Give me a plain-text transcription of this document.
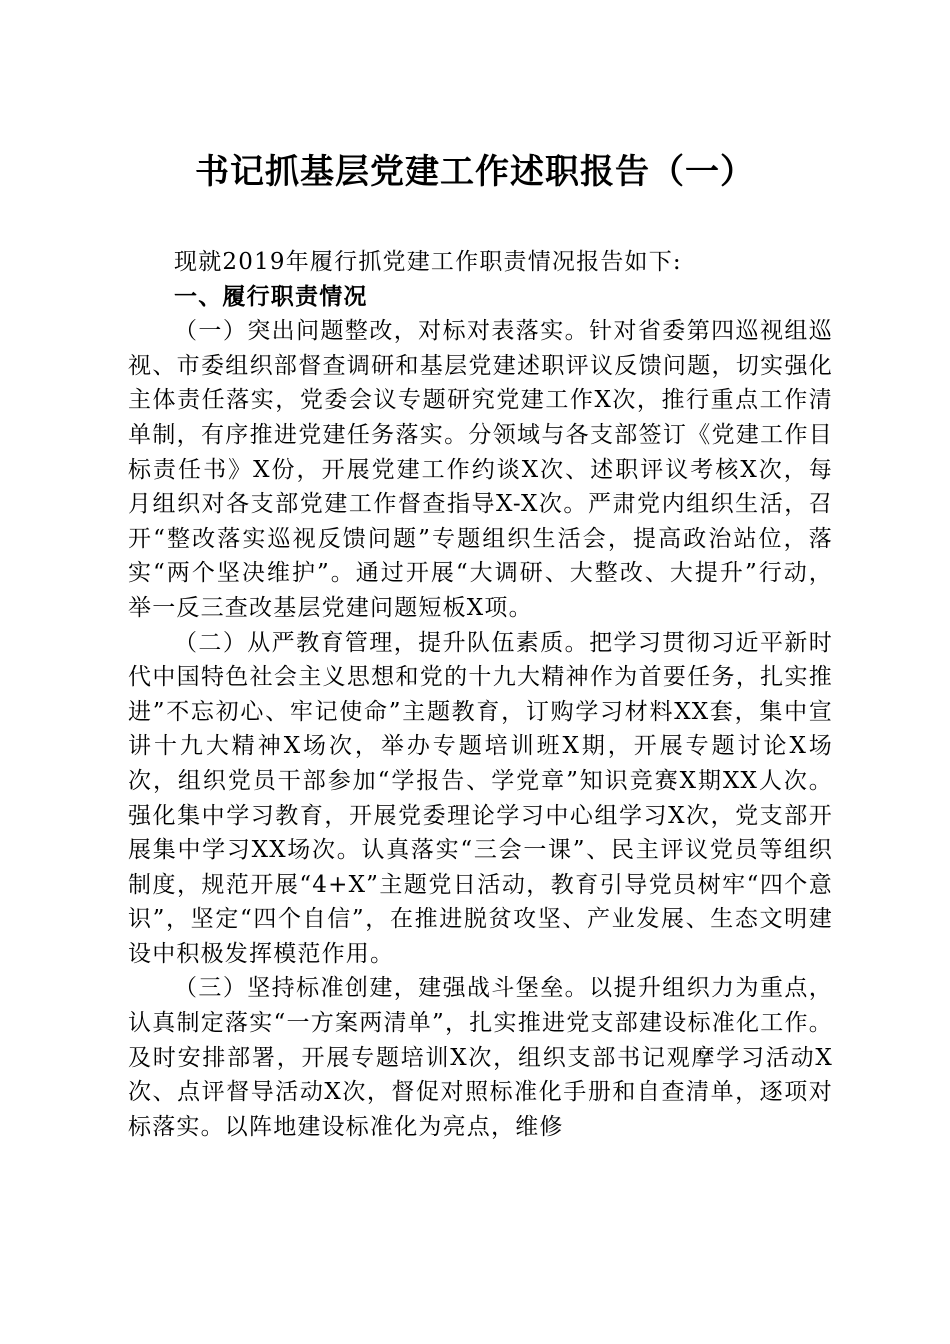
书记抓基层党建工作述职报告（一）

现就2019年履行抓党建工作职责情况报告如下:

一、履行职责情况

（一）突出问题整改，对标对表落实。针对省委第四巡视组巡视、市委组织部督查调研和基层党建述职评议反馈问题，切实强化主体责任落实，党委会议专题研究党建工作X次，推行重点工作清单制，有序推进党建任务落实。分领域与各支部签订《党建工作目标责任书》X份，开展党建工作约谈X次、述职评议考核X次，每月组织对各支部党建工作督查指导X-X次。严肃党内组织生活，召开“整改落实巡视反馈问题”专题组织生活会，提高政治站位，落实“两个坚决维护”。通过开展“大调研、大整改、大提升”行动，举一反三查改基层党建问题短板X项。

（二）从严教育管理，提升队伍素质。把学习贯彻习近平新时代中国特色社会主义思想和党的十九大精神作为首要任务，扎实推进”不忘初心、牢记使命”主题教育，订购学习材料XX套，集中宣讲十九大精神X场次，举办专题培训班X期，开展专题讨论X场次，组织党员干部参加“学报告、学党章”知识竞赛X期XX人次。强化集中学习教育，开展党委理论学习中心组学习X次，党支部开展集中学习XX场次。认真落实“三会一课”、民主评议党员等组织制度，规范开展“4+X”主题党日活动，教育引导党员树牢“四个意识”，坚定“四个自信”，在推进脱贫攻坚、产业发展、生态文明建设中积极发挥模范作用。

（三）坚持标准创建，建强战斗堡垒。以提升组织力为重点，认真制定落实“一方案两清单”，扎实推进党支部建设标准化工作。及时安排部署，开展专题培训X次，组织支部书记观摩学习活动X次、点评督导活动X次，督促对照标准化手册和自查清单，逐项对标落实。以阵地建设标准化为亮点，维修
